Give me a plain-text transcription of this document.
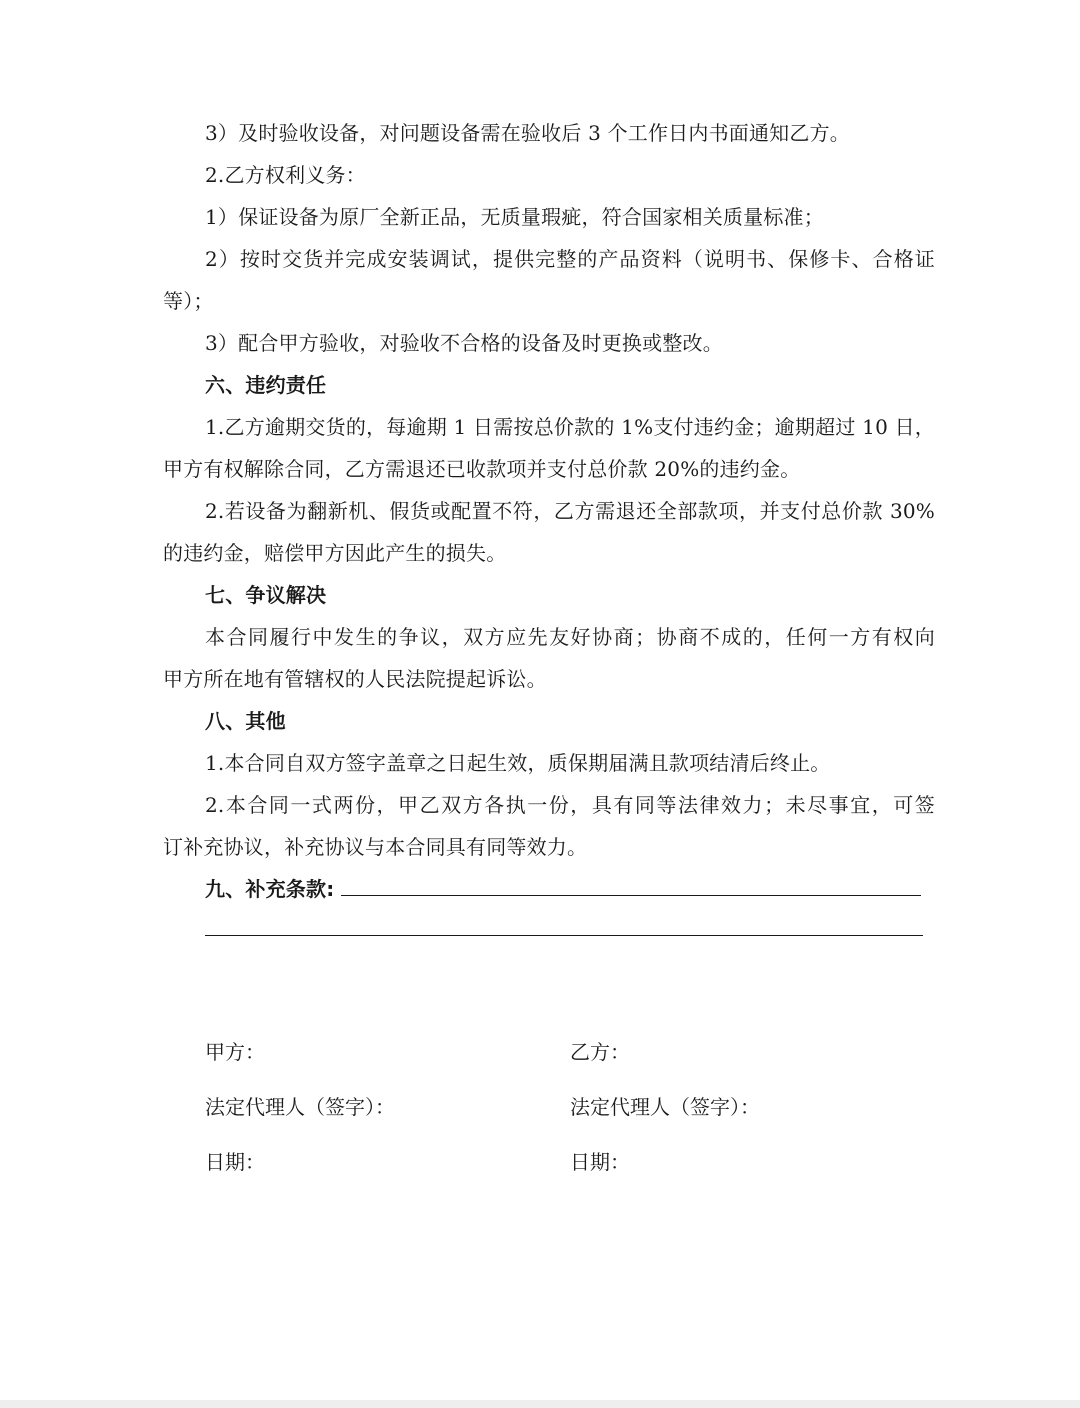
3）及时验收设备，对问题设备需在验收后 3 个工作日内书面通知乙方。
2.乙方权利义务：
1）保证设备为原厂全新正品，无质量瑕疵，符合国家相关质量标准；
2）按时交货并完成安装调试，提供完整的产品资料（说明书、保修卡、合格证
等）；
3）配合甲方验收，对验收不合格的设备及时更换或整改。
六、违约责任
1.乙方逾期交货的，每逾期 1 日需按总价款的 1%支付违约金；逾期超过 10 日，
甲方有权解除合同，乙方需退还已收款项并支付总价款 20%的违约金。
2.若设备为翻新机、假货或配置不符，乙方需退还全部款项，并支付总价款 30%
的违约金，赔偿甲方因此产生的损失。
七、争议解决
本合同履行中发生的争议，双方应先友好协商；协商不成的，任何一方有权向
甲方所在地有管辖权的人民法院提起诉讼。
八、其他
1.本合同自双方签字盖章之日起生效，质保期届满且款项结清后终止。
2.本合同一式两份，甲乙双方各执一份，具有同等法律效力；未尽事宜，可签
订补充协议，补充协议与本合同具有同等效力。
九、补充条款:
甲方：	乙方：
法定代理人（签字）：	法定代理人（签字）：
日期：	日期：
